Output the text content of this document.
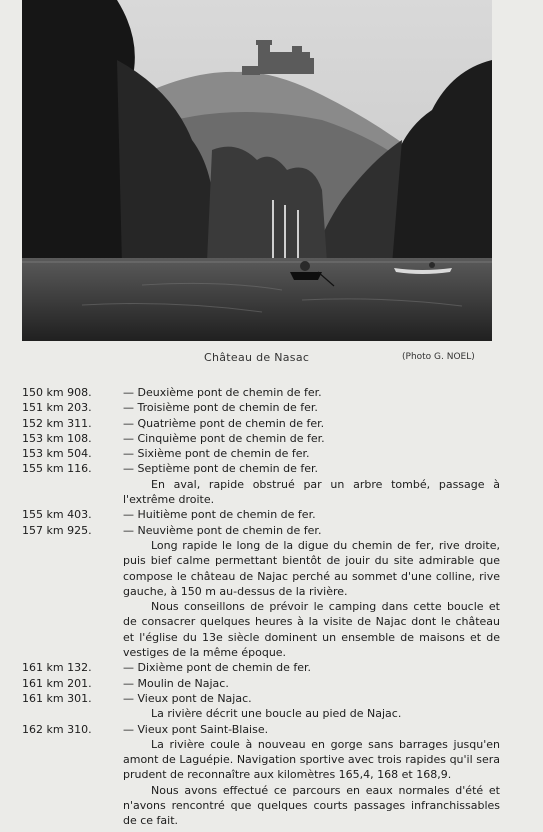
Château de Nasac	(Photo G. NOEL)
150 km 908.	— Deuxième pont de chemin de fer.
151 km 203.	— Troisième pont de chemin de fer.
152 km 311.	— Quatrième pont de chemin de fer.
153 km 108.	— Cinquième pont de chemin de fer.
153 km 504.	— Sixième pont de chemin de fer.
155 km 116.	— Septième pont de chemin de fer.
En aval, rapide obstrué par un arbre tombé, passage à l'extrême droite.
155 km 403.	— Huitième pont de chemin de fer.
157 km 925.	— Neuvième pont de chemin de fer.
Long rapide le long de la digue du chemin de fer, rive droite, puis bief calme permettant bientôt de jouir du site admirable que compose le château de Najac perché au sommet d'une colline, rive gauche, à 150 m au-dessus de la rivière.
Nous conseillons de prévoir le camping dans cette boucle et de consacrer quelques heures à la visite de Najac dont le château et l'église du 13e siècle dominent un ensemble de maisons et de vestiges de la même époque.
161 km 132.	— Dixième pont de chemin de fer.
161 km 201.	— Moulin de Najac.
161 km 301.	— Vieux pont de Najac.
La rivière décrit une boucle au pied de Najac.
162 km 310.	— Vieux pont Saint-Blaise.
La rivière coule à nouveau en gorge sans barrages jusqu'en amont de Laguépie. Navigation sportive avec trois rapides qu'il sera prudent de reconnaître aux kilomètres 165,4, 168 et 168,9.
Nous avons effectué ce parcours en eaux normales d'été et n'avons rencontré que quelques courts passages infranchissables de ce fait.
